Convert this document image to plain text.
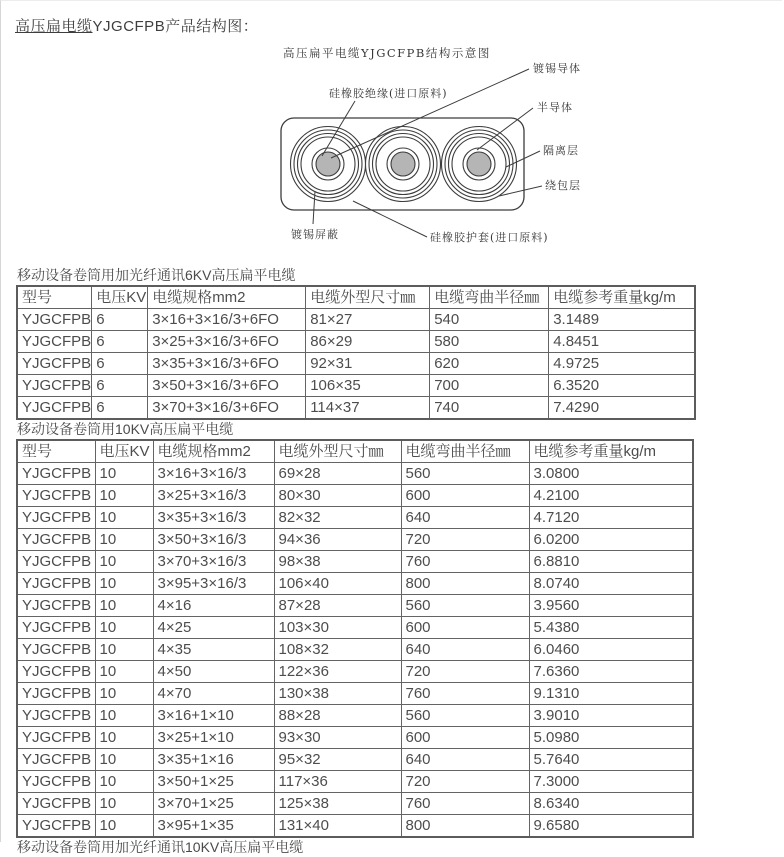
高压扁电缆YJGCFPB产品结构图：
高压扁平电缆YJGCFPB结构示意图
镀锡导体
硅橡胶绝缘(进口原料)
半导体
隔离层
绕包层
镀锡屏蔽	硅橡胶护套(进口原料)
移动设备卷筒用加光纤通讯6KV高压扁平电缆
型号	电压KV	电缆规格mm2	电缆外型尺寸㎜	电缆弯曲半径㎜	电缆参考重量kg/m
YJGCFPB	6	3×16+3×16/3+6FO	81×27	540	3.1489
YJGCFPB	6	3×25+3×16/3+6FO	86×29	580	4.8451
YJGCFPB	6	3×35+3×16/3+6FO	92×31	620	4.9725
YJGCFPB	6	3×50+3×16/3+6FO	106×35	700	6.3520
YJGCFPB	6	3×70+3×16/3+6FO	114×37	740	7.4290
移动设备卷筒用10KV高压扁平电缆
型号	电压KV	电缆规格mm2	电缆外型尺寸㎜	电缆弯曲半径㎜	电缆参考重量kg/m
YJGCFPB	10	3×16+3×16/3	69×28	560	3.0800
YJGCFPB	10	3×25+3×16/3	80×30	600	4.2100
YJGCFPB	10	3×35+3×16/3	82×32	640	4.7120
YJGCFPB	10	3×50+3×16/3	94×36	720	6.0200
YJGCFPB	10	3×70+3×16/3	98×38	760	6.8810
YJGCFPB	10	3×95+3×16/3	106×40	800	8.0740
YJGCFPB	10	4×16	87×28	560	3.9560
YJGCFPB	10	4×25	103×30	600	5.4380
YJGCFPB	10	4×35	108×32	640	6.0460
YJGCFPB	10	4×50	122×36	720	7.6360
YJGCFPB	10	4×70	130×38	760	9.1310
YJGCFPB	10	3×16+1×10	88×28	560	3.9010
YJGCFPB	10	3×25+1×10	93×30	600	5.0980
YJGCFPB	10	3×35+1×16	95×32	640	5.7640
YJGCFPB	10	3×50+1×25	117×36	720	7.3000
YJGCFPB	10	3×70+1×25	125×38	760	8.6340
YJGCFPB	10	3×95+1×35	131×40	800	9.6580
移动设备卷筒用加光纤通讯10KV高压扁平电缆
